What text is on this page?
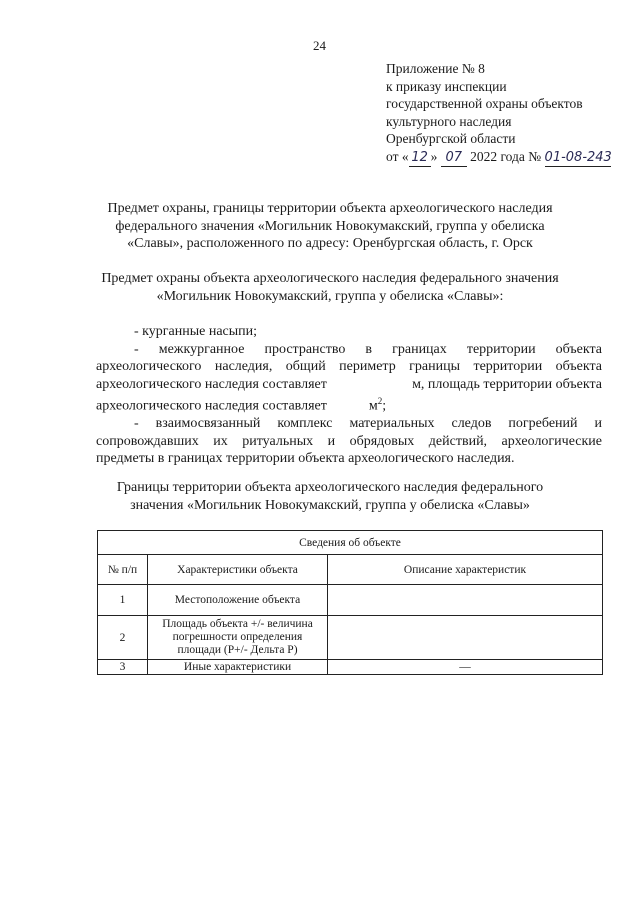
24
Приложение № 8
к приказу инспекции
государственной охраны объектов
культурного наследия
Оренбургской области
от « 12 » 07 2022 года № 01-08-243
Предмет охраны, границы территории объекта археологического наследия
федерального значения «Могильник Новокумакский, группа у обелиска
«Славы», расположенного по адресу: Оренбургская область, г. Орск
Предмет охраны объекта археологического наследия федерального значения
«Могильник Новокумакский, группа у обелиска «Славы»:

- курганные насыпи;

- межкурганное пространство в границах территории объекта

археологического наследия, общий периметр границы территории объекта

археологического наследия составляет	м, площадь территории объекта

археологического наследия составляет	$м^2$;

- взаимосвязанный комплекс материальных следов погребений и

сопровождавших их ритуальных и обрядовых действий, археологические

предметы в границах территории объекта археологического наследия.

Границы территории объекта археологического наследия федерального
значения «Могильник Новокумакский, группа у обелиска «Славы»
Сведения об объекте		
№ п/п	Характеристики объекта	Описание характеристик
1	Местоположение объекта	
2	Площадь объекта +/- величина
погрешности определения
площади (P+/- Дельта P)	

3	Иные характеристики	—
